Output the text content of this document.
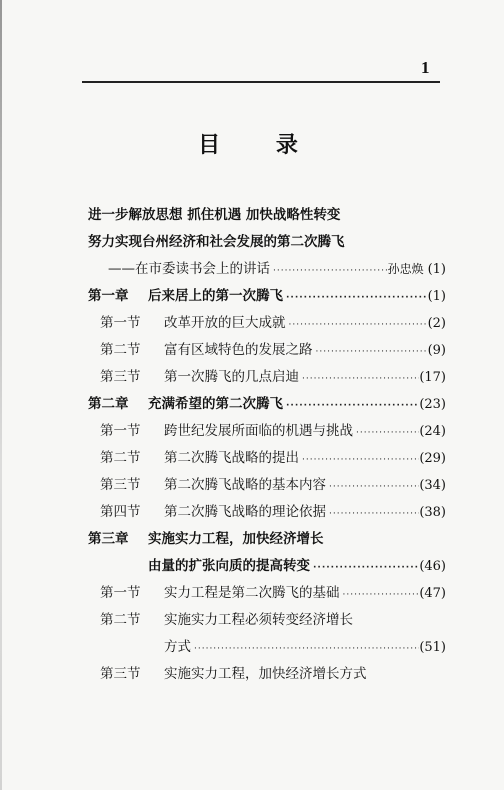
1
目 录
进一步解放思想 抓住机遇 加快战略性转变
努力实现台州经济和社会发展的第二次腾飞
——在市委读书会上的讲话 ·····	孙忠焕 (1)
第一章	后来居上的第一次腾飞 ·····	(1)
第一节	改革开放的巨大成就 ·····	(2)
第二节	富有区域特色的发展之路 ·····	(9)
第三节	第一次腾飞的几点启迪 ·····	(17)
第二章	充满希望的第二次腾飞 ·····	(23)
第一节	跨世纪发展所面临的机遇与挑战 ·····	(24)
第二节	第二次腾飞战略的提出 ·····	(29)
第三节	第二次腾飞战略的基本内容 ·····	(34)
第四节	第二次腾飞战略的理论依据 ·····	(38)
第三章	实施实力工程，加快经济增长
由量的扩张向质的提高转变 ·····	(46)
第一节	实力工程是第二次腾飞的基础 ·····	(47)
第二节	实施实力工程必须转变经济增长
方式 ·····	(51)
第三节	实施实力工程，加快经济增长方式
